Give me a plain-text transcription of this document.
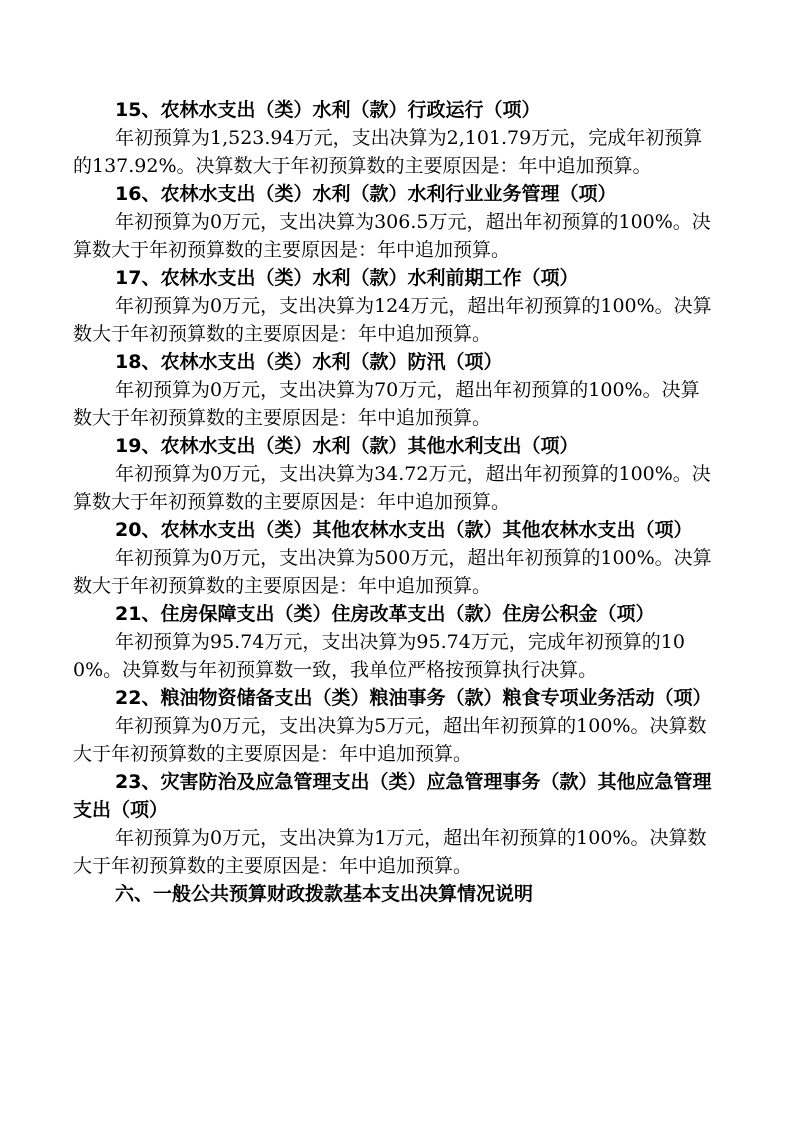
15、农林水支出（类）水利（款）行政运行（项）

年初预算为1,523.94万元，支出决算为2,101.79万元，完成年初预算的137.92%。决算数大于年初预算数的主要原因是：年中追加预算。

16、农林水支出（类）水利（款）水利行业业务管理（项）

年初预算为0万元，支出决算为306.5万元，超出年初预算的100%。决算数大于年初预算数的主要原因是：年中追加预算。

17、农林水支出（类）水利（款）水利前期工作（项）

年初预算为0万元，支出决算为124万元，超出年初预算的100%。决算数大于年初预算数的主要原因是：年中追加预算。

18、农林水支出（类）水利（款）防汛（项）

年初预算为0万元，支出决算为70万元，超出年初预算的100%。决算数大于年初预算数的主要原因是：年中追加预算。

19、农林水支出（类）水利（款）其他水利支出（项）

年初预算为0万元，支出决算为34.72万元，超出年初预算的100%。决算数大于年初预算数的主要原因是：年中追加预算。

20、农林水支出（类）其他农林水支出（款）其他农林水支出（项）

年初预算为0万元，支出决算为500万元，超出年初预算的100%。决算数大于年初预算数的主要原因是：年中追加预算。

21、住房保障支出（类）住房改革支出（款）住房公积金（项）

年初预算为95.74万元，支出决算为95.74万元，完成年初预算的100%。决算数与年初预算数一致，我单位严格按预算执行决算。

22、粮油物资储备支出（类）粮油事务（款）粮食专项业务活动（项）

年初预算为0万元，支出决算为5万元，超出年初预算的100%。决算数大于年初预算数的主要原因是：年中追加预算。

23、灾害防治及应急管理支出（类）应急管理事务（款）其他应急管理支出（项）

年初预算为0万元，支出决算为1万元，超出年初预算的100%。决算数大于年初预算数的主要原因是：年中追加预算。

六、一般公共预算财政拨款基本支出决算情况说明
